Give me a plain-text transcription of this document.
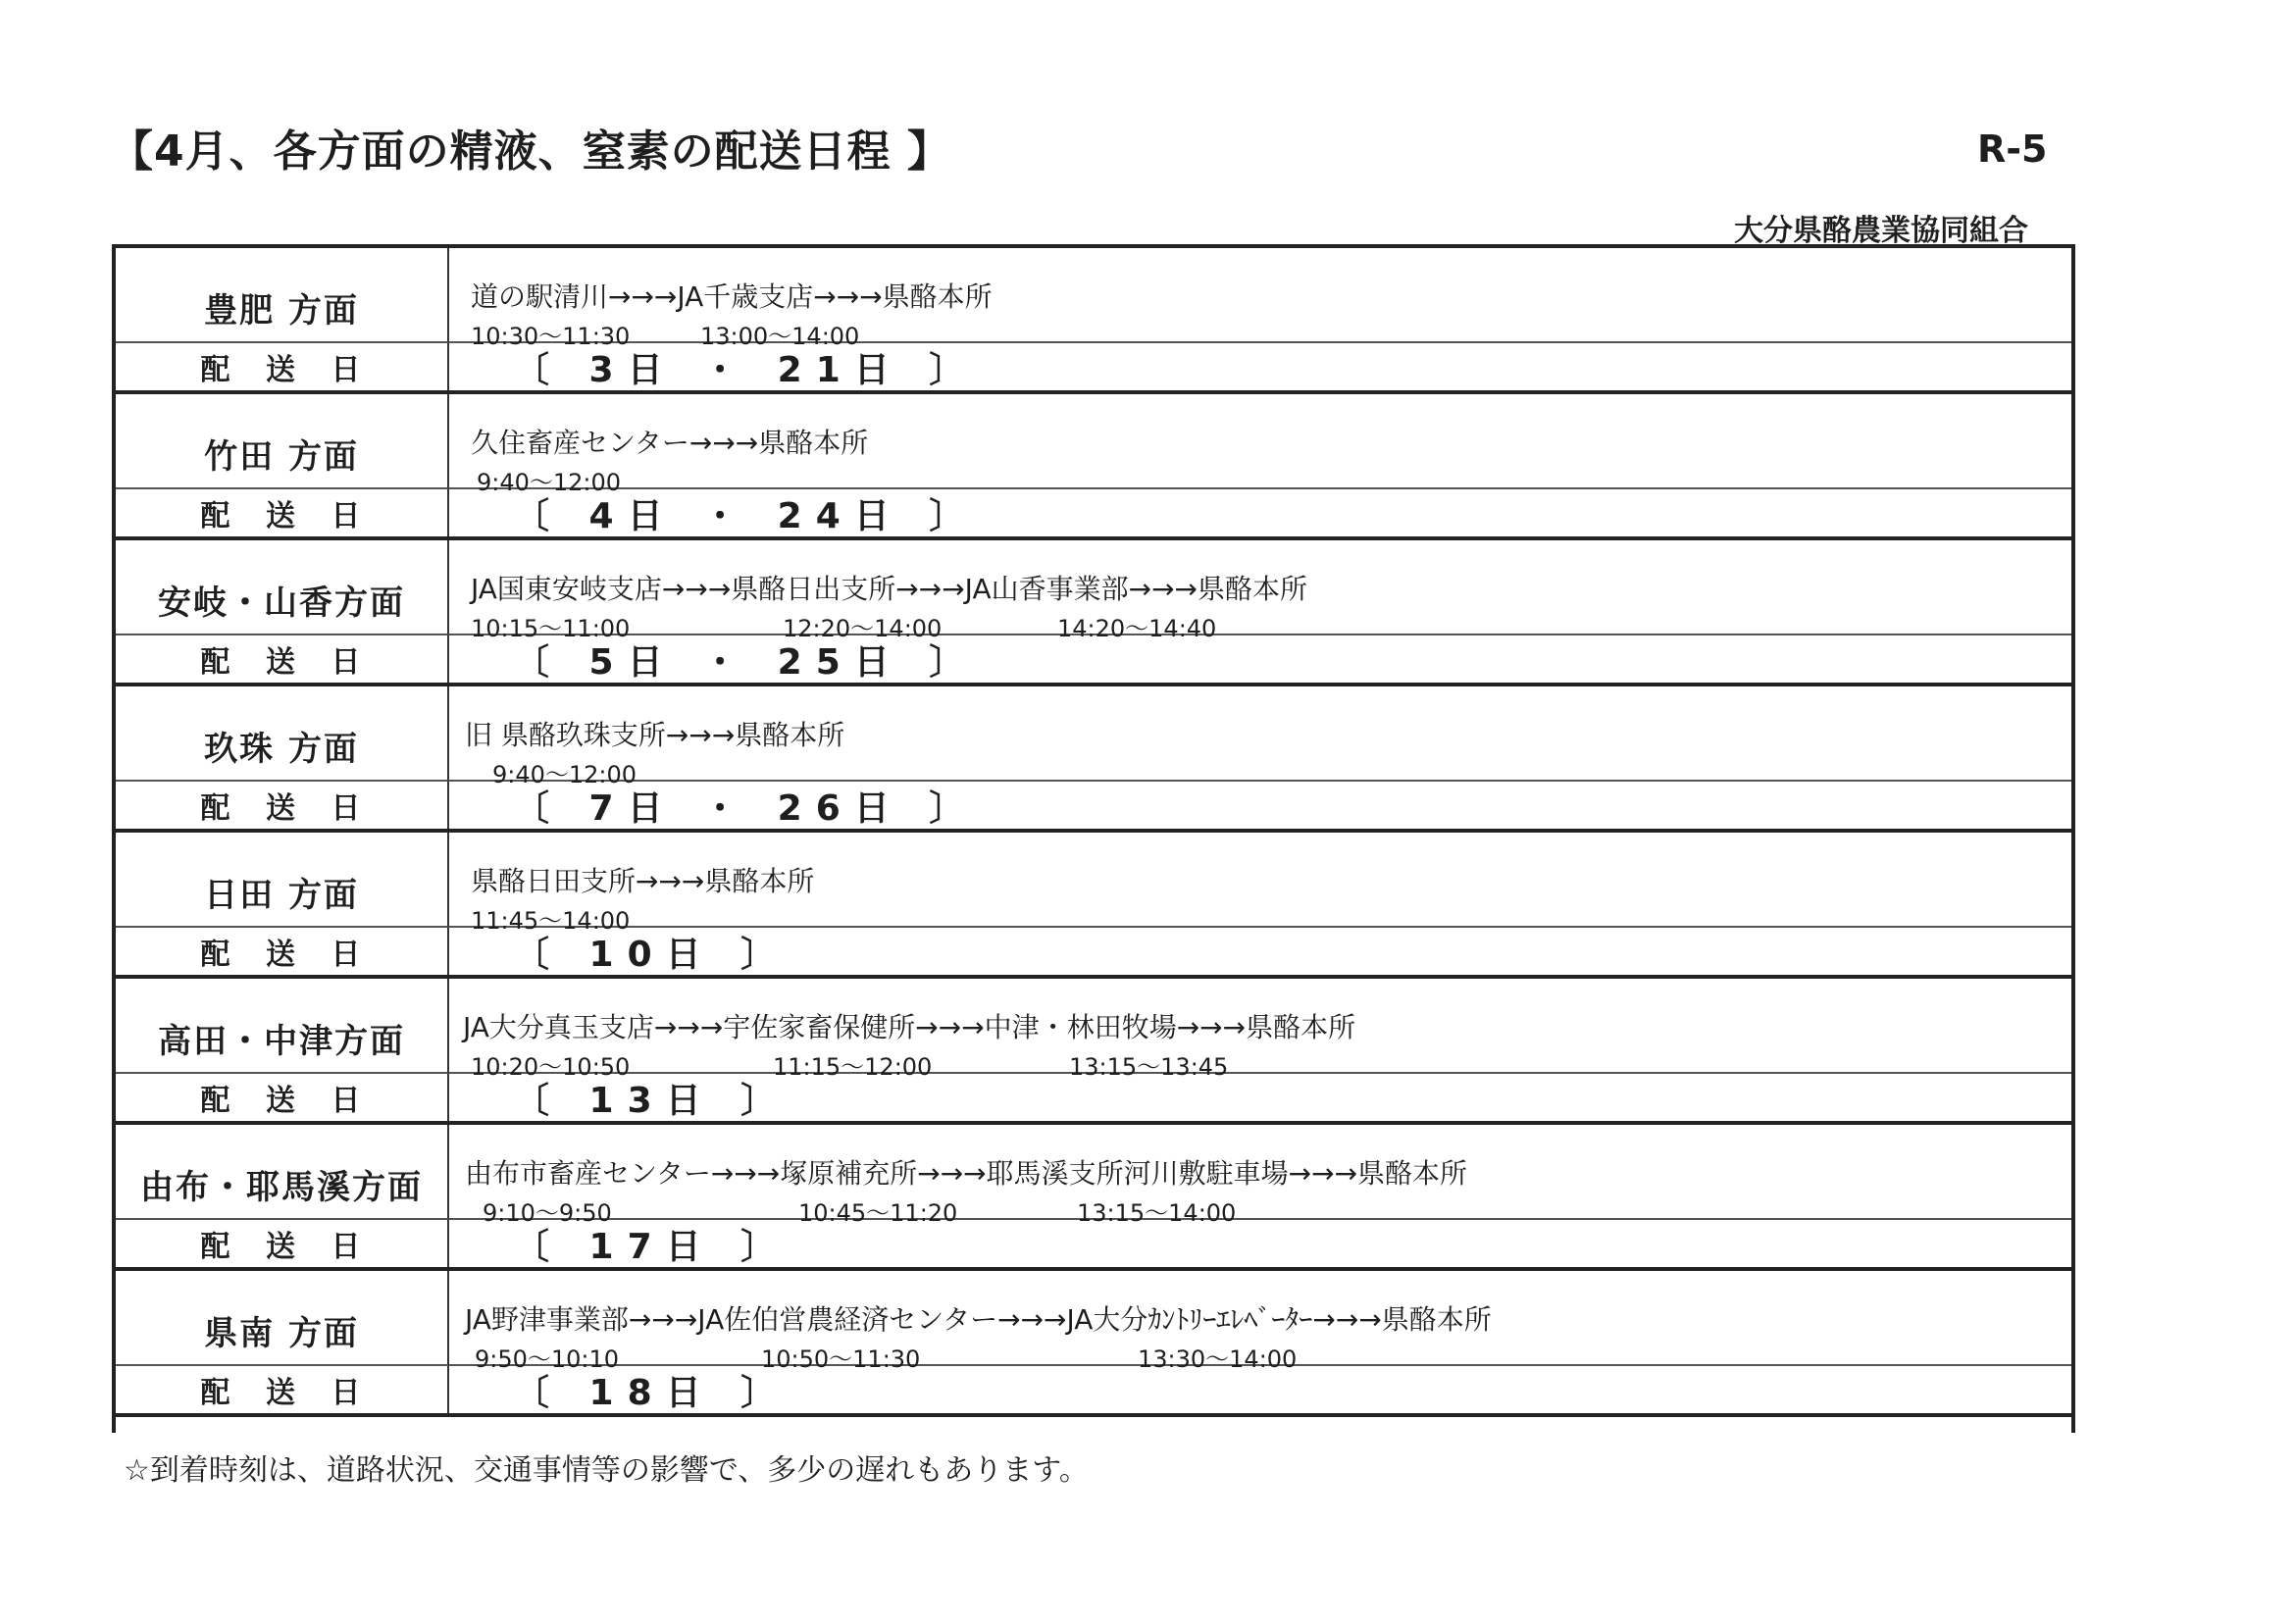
【4月、各方面の精液、窒素の配送日程 】	R-5
大分県酪農業協同組合
豊肥 方面	道の駅清川→→→JA千歳支店→→→県酪本所
10:30～11:30	13:00～14:00
配 送 日	〔 3日 ・ 21日 〕
竹田 方面	久住畜産センター→→→県酪本所
9:40～12:00
配 送 日	〔 4日 ・ 24日 〕
安岐・山香方面	JA国東安岐支店→→→県酪日出支所→→→JA山香事業部→→→県酪本所
10:15～11:00	12:20～14:00	14:20～14:40
配 送 日	〔 5日 ・ 25日 〕
玖珠 方面	旧 県酪玖珠支所→→→県酪本所
9:40～12:00
配 送 日	〔 7日 ・ 26日 〕
日田 方面	県酪日田支所→→→県酪本所
11:45～14:00
配 送 日	〔 10日 〕
高田・中津方面	JA大分真玉支店→→→宇佐家畜保健所→→→中津・林田牧場→→→県酪本所
10:20～10:50	11:15～12:00	13:15～13:45
配 送 日	〔 13日 〕
由布・耶馬溪方面	由布市畜産センター→→→塚原補充所→→→耶馬溪支所河川敷駐車場→→→県酪本所
9:10～9:50	10:45～11:20	13:15～14:00
配 送 日	〔 17日 〕
県南 方面	JA野津事業部→→→JA佐伯営農経済センター→→→JA大分ｶﾝﾄﾘｰｴﾚﾍﾞｰﾀｰ→→→県酪本所
9:50～10:10	10:50～11:30	13:30～14:00
配 送 日	〔 18日 〕
☆到着時刻は、道路状況、交通事情等の影響で、多少の遅れもあります。
